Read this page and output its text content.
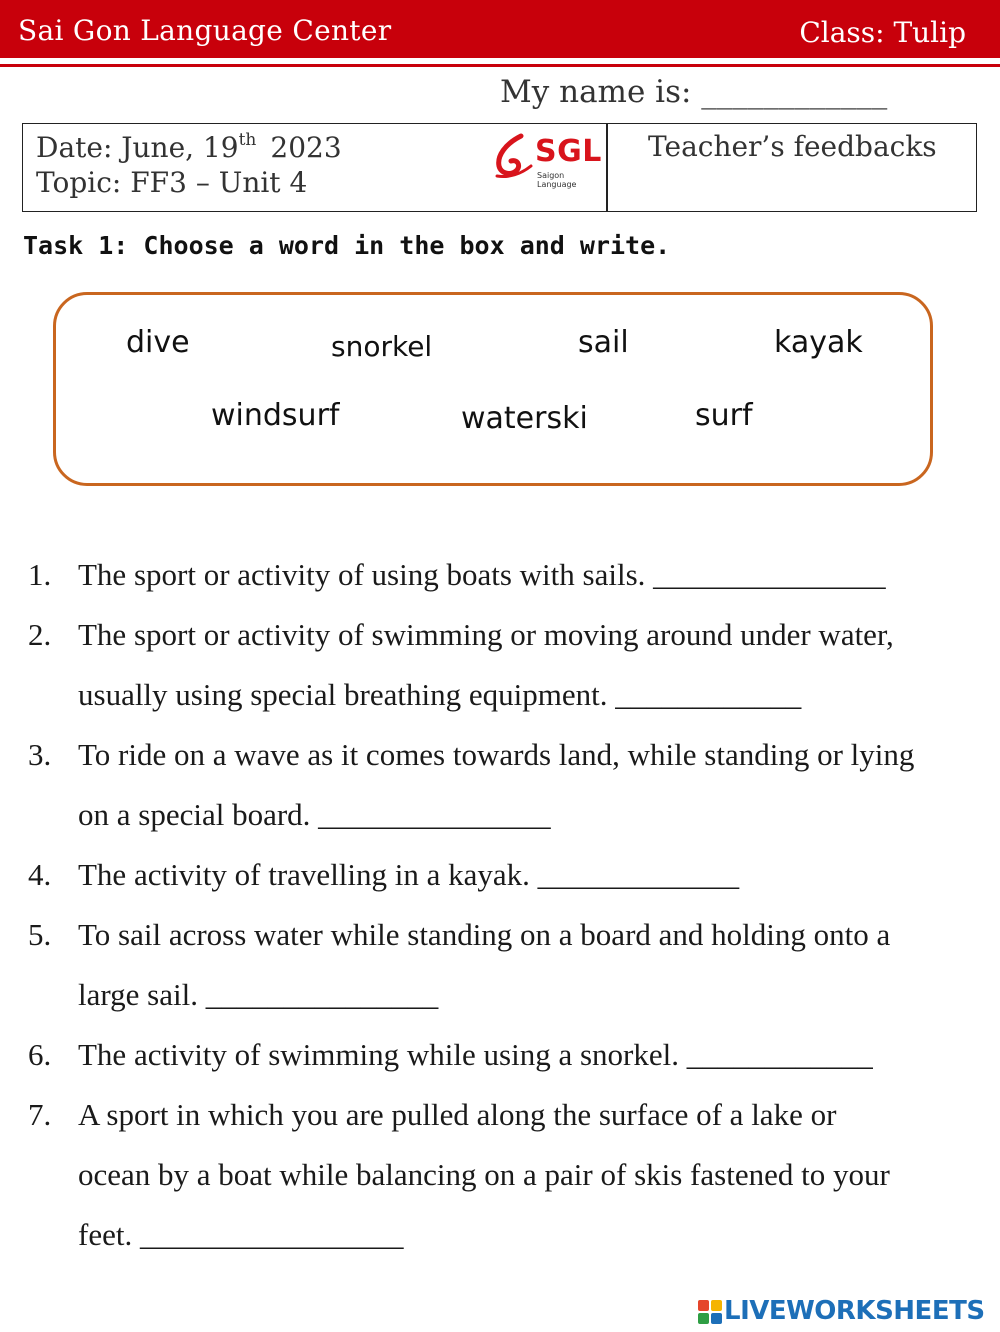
Sai Gon Language Center	Class: Tulip
My name is: ____________
Date: June, 19th 2023
Topic: FF3 – Unit 4
SGL
Saigon Language
Teacher’s feedbacks
Task 1: Choose a word in the box and write.
dive	snorkel	sail	kayak
windsurf	waterski	surf
1. The sport or activity of using boats with sails. _______________
2. The sport or activity of swimming or moving around under water,
usually using special breathing equipment. ____________
3. To ride on a wave as it comes towards land, while standing or lying
on a special board. _______________
4. The activity of travelling in a kayak. _____________
5. To sail across water while standing on a board and holding onto a
large sail. _______________
6. The activity of swimming while using a snorkel. ____________
7. A sport in which you are pulled along the surface of a lake or
ocean by a boat while balancing on a pair of skis fastened to your
feet. _________________
LIVEWORKSHEETS
